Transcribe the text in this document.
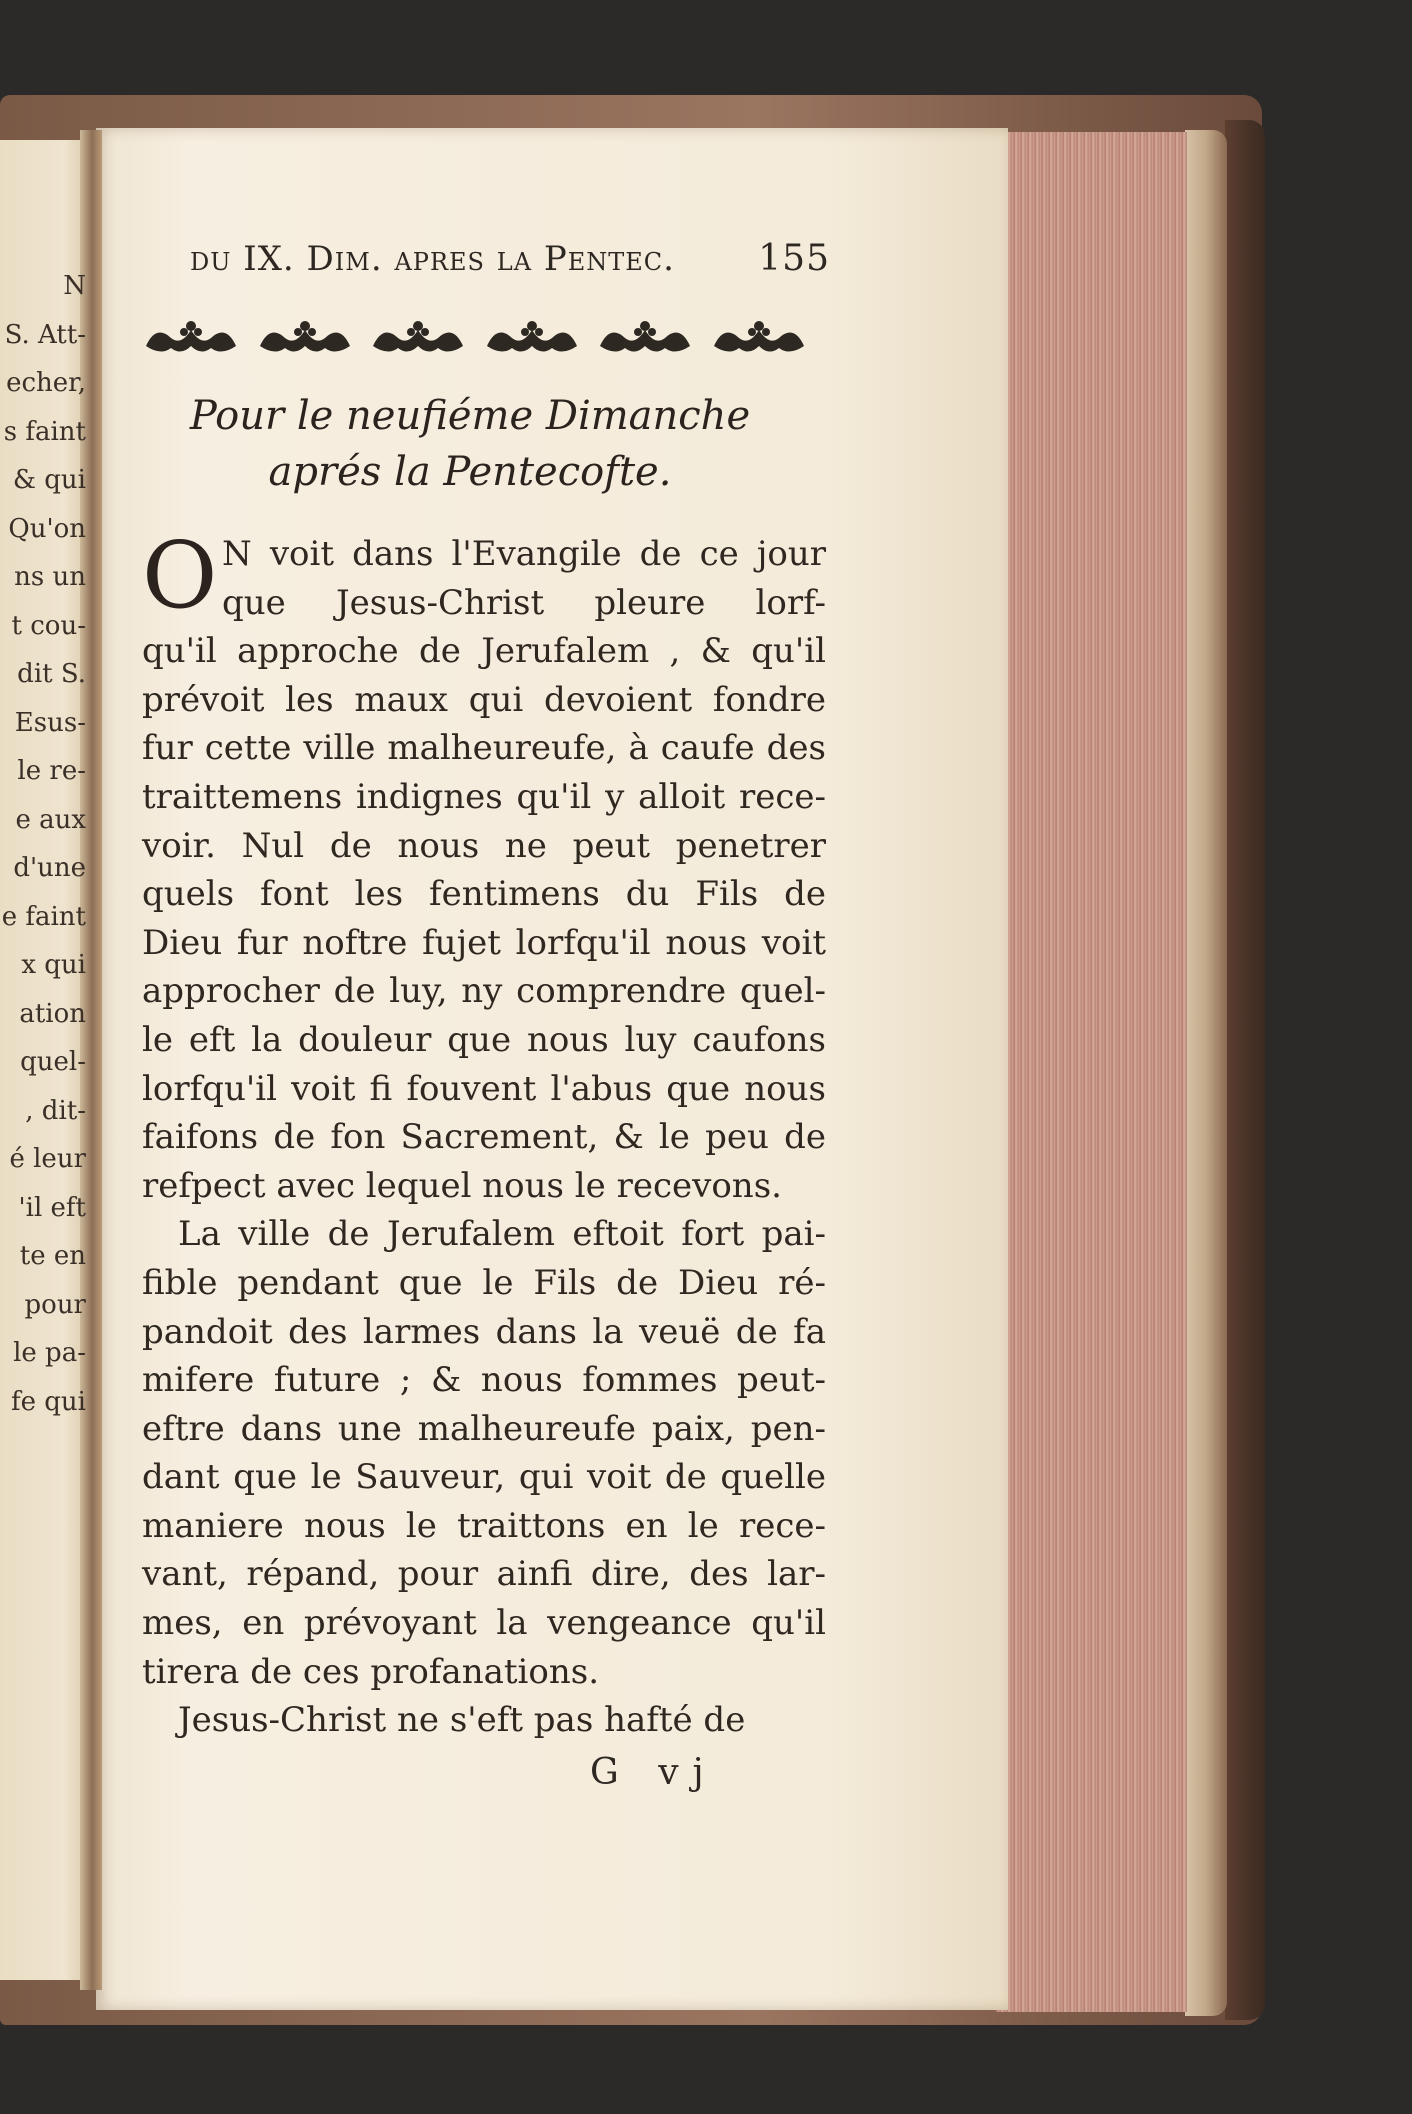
N
S. Att-
echer,
s faint
& qui
Qu'on
ns un
t cou-
dit S.
Esus-
le re-
e aux
d'une
e faint
x qui
ation
quel-
, dit-
é leur
'il eft
te en
pour
le pa-
fe qui
du IX. Dim. apres la Pentec. 155
Pour le neufiéme Dimanche
aprés la Pentecofte.
N voit dans l'Evangile de ce jour
que Jesus-Christ pleure lorf-
qu'il approche de Jerufalem , & qu'il
prévoit les maux qui devoient fondre
fur cette ville malheureufe, à caufe des
traittemens indignes qu'il y alloit rece-
voir. Nul de nous ne peut penetrer
quels font les fentimens du Fils de
Dieu fur noftre fujet lorfqu'il nous voit
approcher de luy, ny comprendre quel-
le eft la douleur que nous luy caufons
lorfqu'il voit fi fouvent l'abus que nous
faifons de fon Sacrement, & le peu de
refpect avec lequel nous le recevons.
La ville de Jerufalem eftoit fort pai-
fible pendant que le Fils de Dieu ré-
pandoit des larmes dans la veuë de fa
mifere future ; & nous fommes peut-
eftre dans une malheureufe paix, pen-
dant que le Sauveur, qui voit de quelle
maniere nous le traittons en le rece-
vant, répand, pour ainfi dire, des lar-
mes, en prévoyant la vengeance qu'il
tirera de ces profanations.
Jesus-Christ ne s'eft pas hafté de
O
G vj
